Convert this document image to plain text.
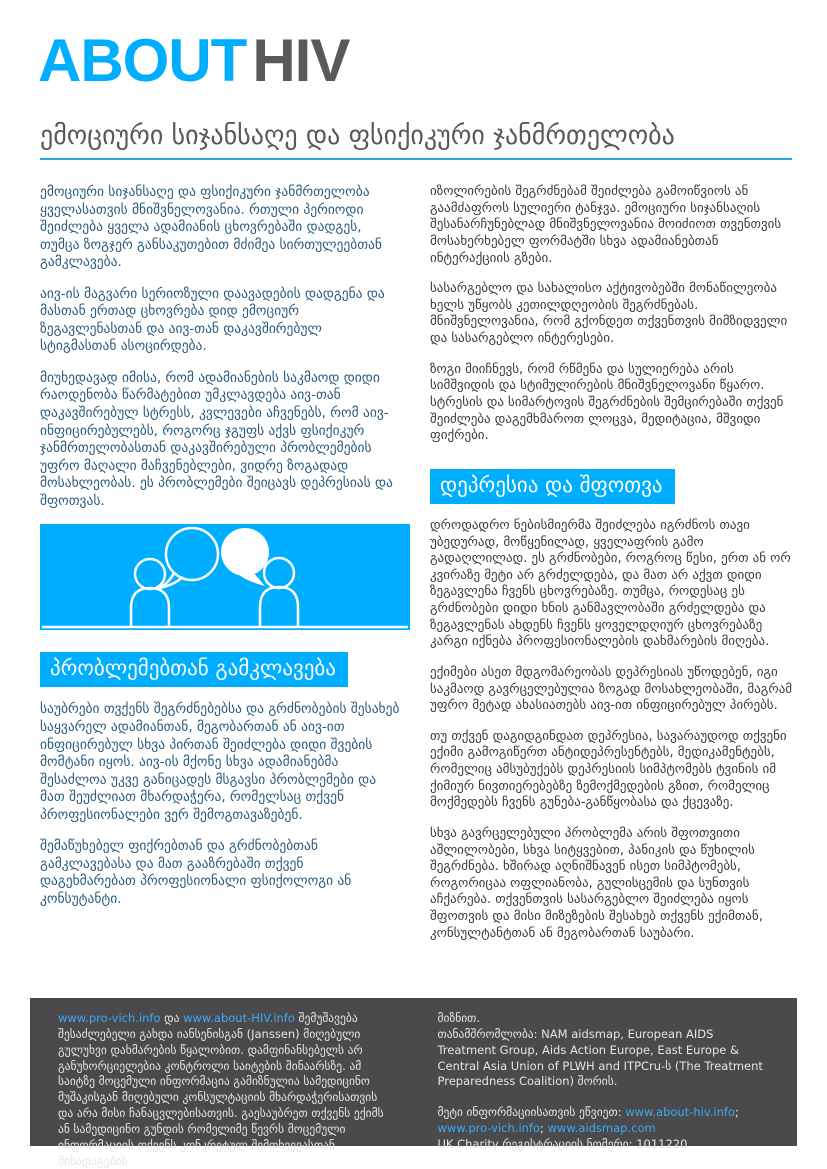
ABOUT HIV
ემოციური სიჯანსაღე და ფსიქიკური ჯანმრთელობა

ემოციური სიჯანსაღე და ფსიქიკური ჯანმრთელობა ყველასათვის მნიშვნელოვანია. რთული პერიოდი შეიძლება ყველა ადამიანის ცხოვრებაში დადგეს, თუმცა ზოგჯერ განსაკუთებით მძიმეა სირთულეებთან გამკლავება.

აივ-ის მაგვარი სერიოზული დაავადების დადგენა და მასთან ერთად ცხოვრება დიდ ემოციურ ზეგავლენასთან და აივ-თან დაკავშირებულ სტიგმასთან ასოცირდება.

მიუხედავად იმისა, რომ ადამიანების საკმაოდ დიდი რაოდენობა წარმატებით უმკლავდება აივ-თან დაკავშირებულ სტრესს, კვლევები აჩვენებს, რომ აივ-ინფიცირებულებს, როგორც ჯგუფს აქვს ფსიქიკურ ჯანმრთელობასთან დაკავშირებული პრობლემების უფრო მაღალი მაჩვენებლები, ვიდრე ზოგადად მოსახლეობას. ეს პრობლემები შეიცავს დეპრესიას და შფოთვას.

პრობლემებთან გამკლავება

საუბრები თვქენს შეგრძნებებსა და გრძნობების შესახებ საყვარელ ადამიანთან, მეგობართან ან აივ-ით ინფიცირებულ სხვა პირთან შეიძლება დიდი შვების მომტანი იყოს. აივ-ის მქონე სხვა ადამიანებმა შესაძლოა უკვე განიცადეს მსგავსი პრობლემები და მათ შეუძლიათ მხარდაჭერა, რომელსაც თქვენ პროფესიონალები ვერ შემოგთავაზებენ.

შემაწუხებელ ფიქრებთან და გრძნობებთან გამკლავებასა და მათ გააზრებაში თქვენ დაგეხმარებათ პროფესიონალი ფსიქოლოგი ან კონსუტანტი.

იზოლირების შეგრძნებამ შეიძლება გამოიწვიოს ან გაამძაფროს სულიერი ტანჯვა. ემოციური სიჯანსაღის შესანარჩუნებლად მნიშვნელოვანია მოიძიოთ თვენთვის მოსახერხებელ ფორმატში სხვა ადამიანებთან ინტერაქციის გზები.

სასარგებლო და სახალისო აქტივობებში მონაწილეობა ხელს უწყობს კეთილდღეობის შეგრძნებას. მნიშვნელოვანია, რომ გქონდეთ თქვენთვის მიმზიდველი და სასარგებლო ინტერესები.

ზოგი მიიჩნევს, რომ რწმენა და სულიერება არის სიმშვიდის და სტიმულირების მნიშვნელოვანი წყარო. სტრესის და სიმარტოვის შეგრძნების შემცირებაში თქვენ შეიძლება დაგემხმაროთ ლოცვა, მედიტაცია, მშვიდი ფიქრები.

დეპრესია და შფოთვა

დროდადრო ნებისმიერმა შეიძლება იგრძნოს თავი უბედურად, მოწყენილად, ყველაფრის გამო გადაღლილად. ეს გრძნობები, როგროც წესი, ერთ ან ორ კვირაზე მეტი არ გრძელდება, და მათ არ აქვთ დიდი ზეგავლენა ჩვენს ცხოვრებაზე. თუმცა, როდესაც ეს გრძნობები დიდი ხნის განმავლობაში გრძელდება და ზეგავლენას ახდენს ჩვენს ყოველდღიურ ცხოვრებაზე კარგი იქნება პროფესიონალების დახმარების მიღება.

ექიმები ასეთ მდგომარეობას დეპრესიას უწოდებენ, იგი საკმაოდ გავრცელებულია ზოგად მოსახლეობაში, მაგრამ უფრო მეტად ახასიათებს აივ-ით ინფიცირებულ პირებს.

თუ თქვენ დაგიდგინდათ დეპრესია, სავარაუდოდ თქვენი ექიმი გამოგიწერთ ანტიდეპრესენტებს, მედიკამენტებს, რომელიც ამსუბუქებს დეპრესიის სიმპტომებს ტვინის იმ ქიმიურ ნივთიერებებზე ზემოქმედების გზით, რომელიც მოქმედებს ჩვენს გუნება-განწყობასა და ქცევაზე.

სხვა გავრცელებული პრობლემა არის შფოთვითი აშლილობები, სხვა სიტყვებით, პანიკის და წუხილის შეგრძნება. ხშირად აღნიშნავენ ისეთ სიმპტომებს, როგორიცაა ოფლიანობა, გულისცემის და სუნთვის აჩქარება. თქვენთვის სასარგებლო შეიძლება იყოს შფოთვის და მისი მიზეზების შესახებ თქვენს ექიმთან, კონსულტანტთან ან მეგობართან საუბარი.

www.pro-vich.info და www.about-HIV.info შემუშავება შესაძლებელი გახდა იანსენისგან (Janssen) მიღებული გულუხვი დახმარების წყალობით. დამფინანსებელს არ განუხორციელებია კონტროლი საიტების შინაარსზე. ამ საიტზე მოცემული ინფორმაცია გამიზნულია სამედიცინო მუშაკისგან მიღებული კონსულტაციის მხარდაჭერისათვის და არა მისი ჩანაცვლებისათვის. გაესაუბრეთ თქვენს ექიმს ან სამედიცინო გუნდის რომელიმე წევრს მოცემული ინფორმაციის თქვენს კონკრეტულ შემთხვევასთან მისადაგების

მიზნით.

თანამშრომლობა: NAM aidsmap, European AIDS Treatment Group, Aids Action Europe, East Europe & Central Asia Union of PLWH and ITPCru-ს (The Treatment Preparedness Coalition) შორის.

მეტი ინფორმაციისათვის ეწვიეთ: www.about-hiv.info; www.pro-vich.info; www.aidsmap.com

UK Charity რეგისტრაციის ნომერი: 1011220
